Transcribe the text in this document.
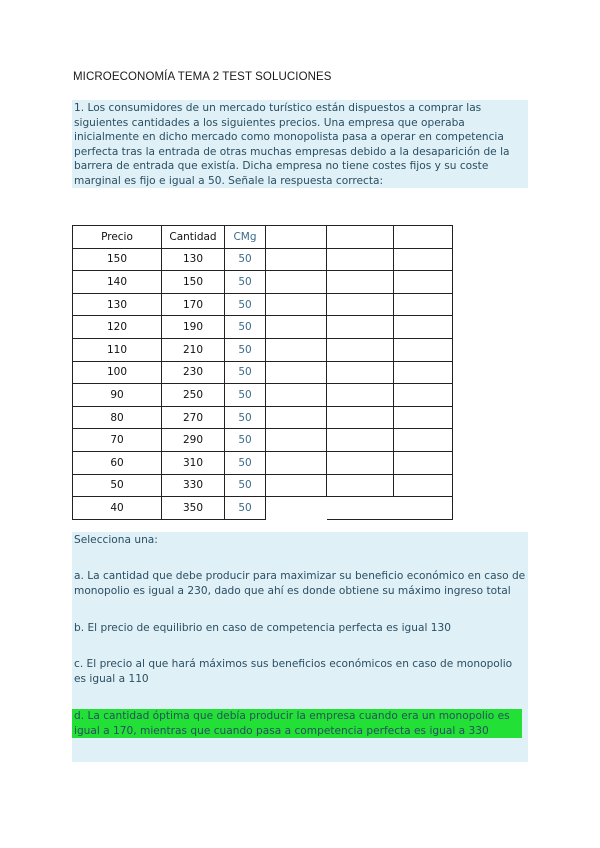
MICROECONOMÍA TEMA 2 TEST SOLUCIONES
1. Los consumidores de un mercado turístico están dispuestos a comprar las siguientes cantidades a los siguientes precios. Una empresa que operaba inicialmente en dicho mercado como monopolista pasa a operar en competencia perfecta tras la entrada de otras muchas empresas debido a la desaparición de la barrera de entrada que existía. Dicha empresa no tiene costes fijos y su coste marginal es fijo e igual a 50. Señale la respuesta correcta:
Precio	Cantidad	CMg			
150	130	50			
140	150	50			
130	170	50			
120	190	50			
110	210	50			
100	230	50			
90	250	50			
80	270	50			
70	290	50			
60	310	50			
50	330	50			
40	350	50			
Selecciona una:
a. La cantidad que debe producir para maximizar su beneficio económico en caso de monopolio es igual a 230, dado que ahí es donde obtiene su máximo ingreso total
b. El precio de equilibrio en caso de competencia perfecta es igual 130
c. El precio al que hará máximos sus beneficios económicos en caso de monopolio es igual a 110
d. La cantidad óptima que debía producir la empresa cuando era un monopolio es igual a 170, mientras que cuando pasa a competencia perfecta es igual a 330
